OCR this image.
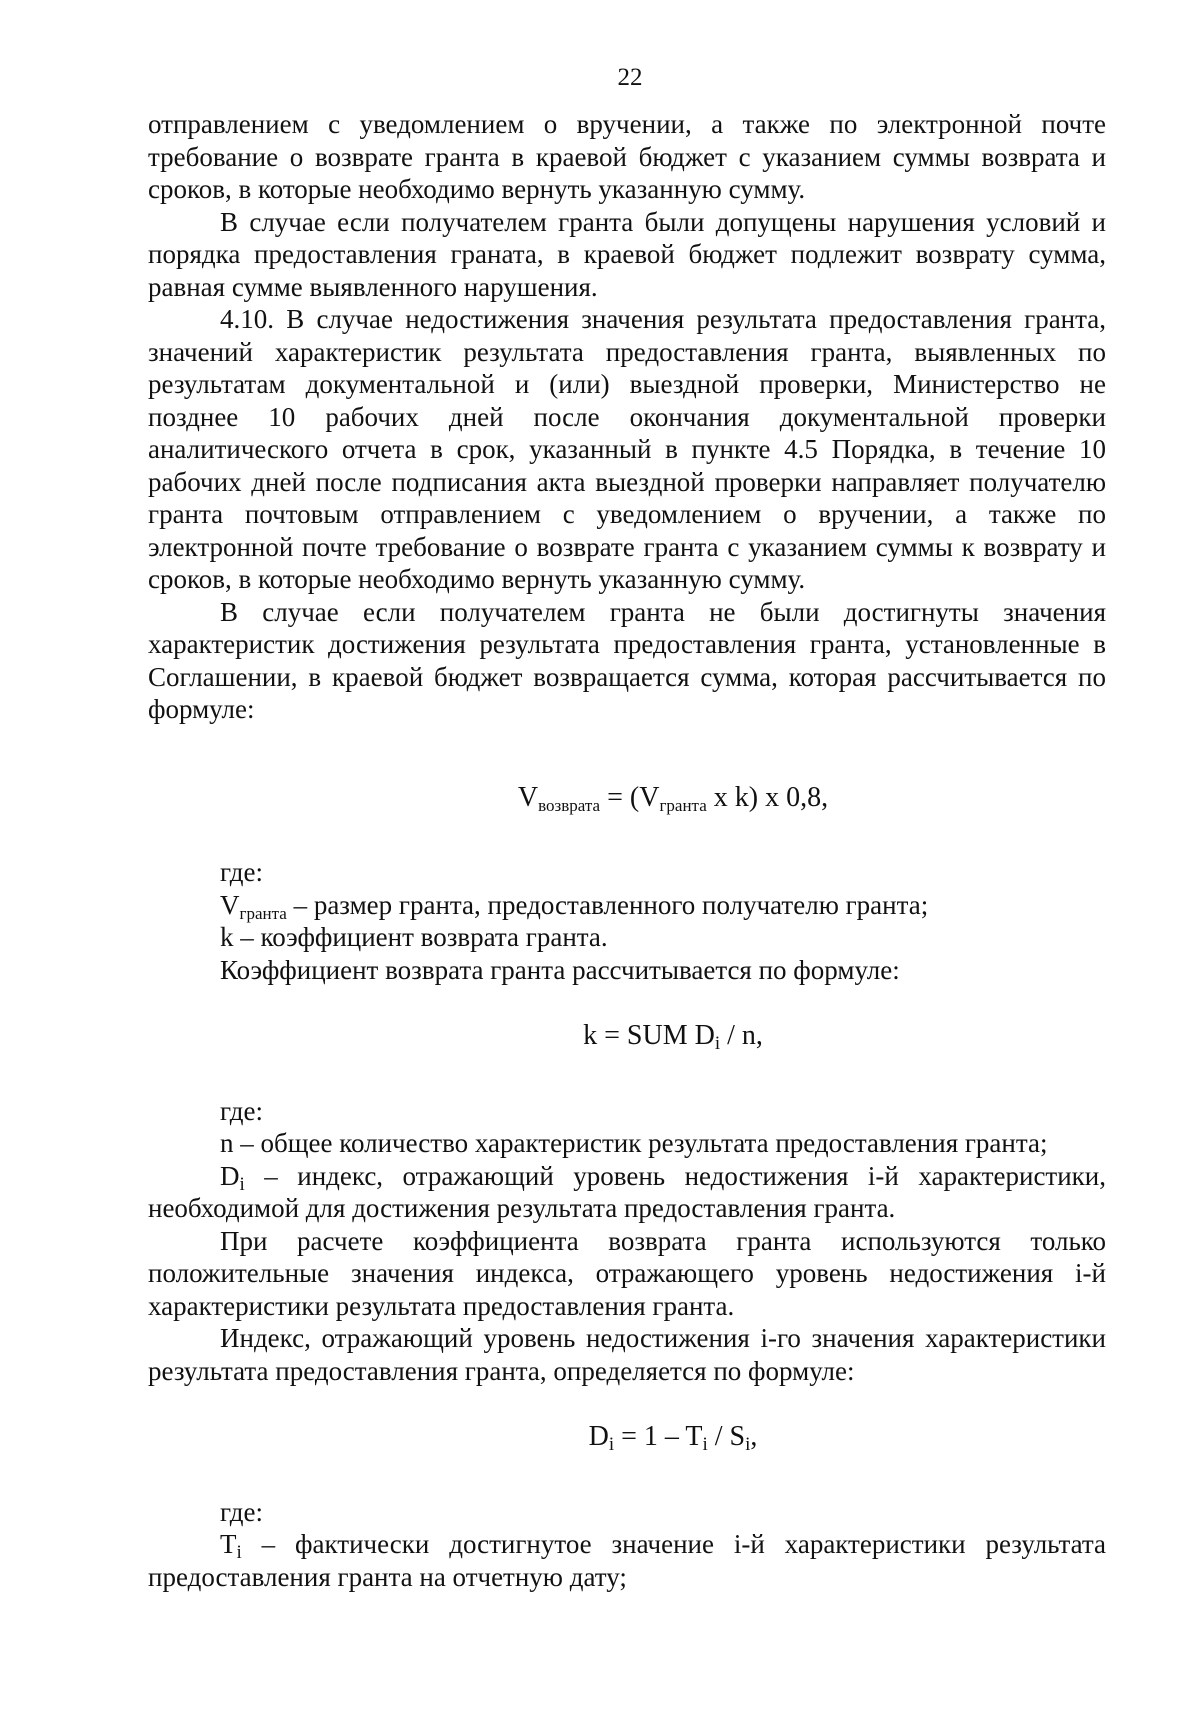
22

отправлением с уведомлением о вручении, а также по электронной почте требование о возврате гранта в краевой бюджет с указанием суммы возврата и сроков, в которые необходимо вернуть указанную сумму.

В случае если получателем гранта были допущены нарушения условий и порядка предоставления граната, в краевой бюджет подлежит возврату сумма, равная сумме выявленного нарушения.

4.10. В случае недостижения значения результата предоставления гранта, значений характеристик результата предоставления гранта, выявленных по результатам документальной и (или) выездной проверки, Министерство не позднее 10 рабочих дней после окончания документальной проверки аналитического отчета в срок, указанный в пункте 4.5 Порядка, в течение 10 рабочих дней после подписания акта выездной проверки направляет получателю гранта почтовым отправлением с уведомлением о вручении, а также по электронной почте требование о возврате гранта с указанием суммы к возврату и сроков, в которые необходимо вернуть указанную сумму.

В случае если получателем гранта не были достигнуты значения характеристик достижения результата предоставления гранта, установленные в Соглашении, в краевой бюджет возвращается сумма, которая рассчитывается по формуле:

$V_{возврата} = (V_{гранта}$ x k) x 0,8,

где:

$V_{гранта}$ – размер гранта, предоставленного получателю гранта;

k – коэффициент возврата гранта.

Коэффициент возврата гранта рассчитывается по формуле:

k = SUM Di / n,

где:

n – общее количество характеристик результата предоставления гранта;

Di – индекс, отражающий уровень недостижения i-й характеристики, необходимой для достижения результата предоставления гранта.

При расчете коэффициента возврата гранта используются только положительные значения индекса, отражающего уровень недостижения i-й характеристики результата предоставления гранта.

Индекс, отражающий уровень недостижения i-го значения характеристики результата предоставления гранта, определяется по формуле:

Di = 1 – Ti / Si,

где:

Ti – фактически достигнутое значение i-й характеристики результата предоставления гранта на отчетную дату;
